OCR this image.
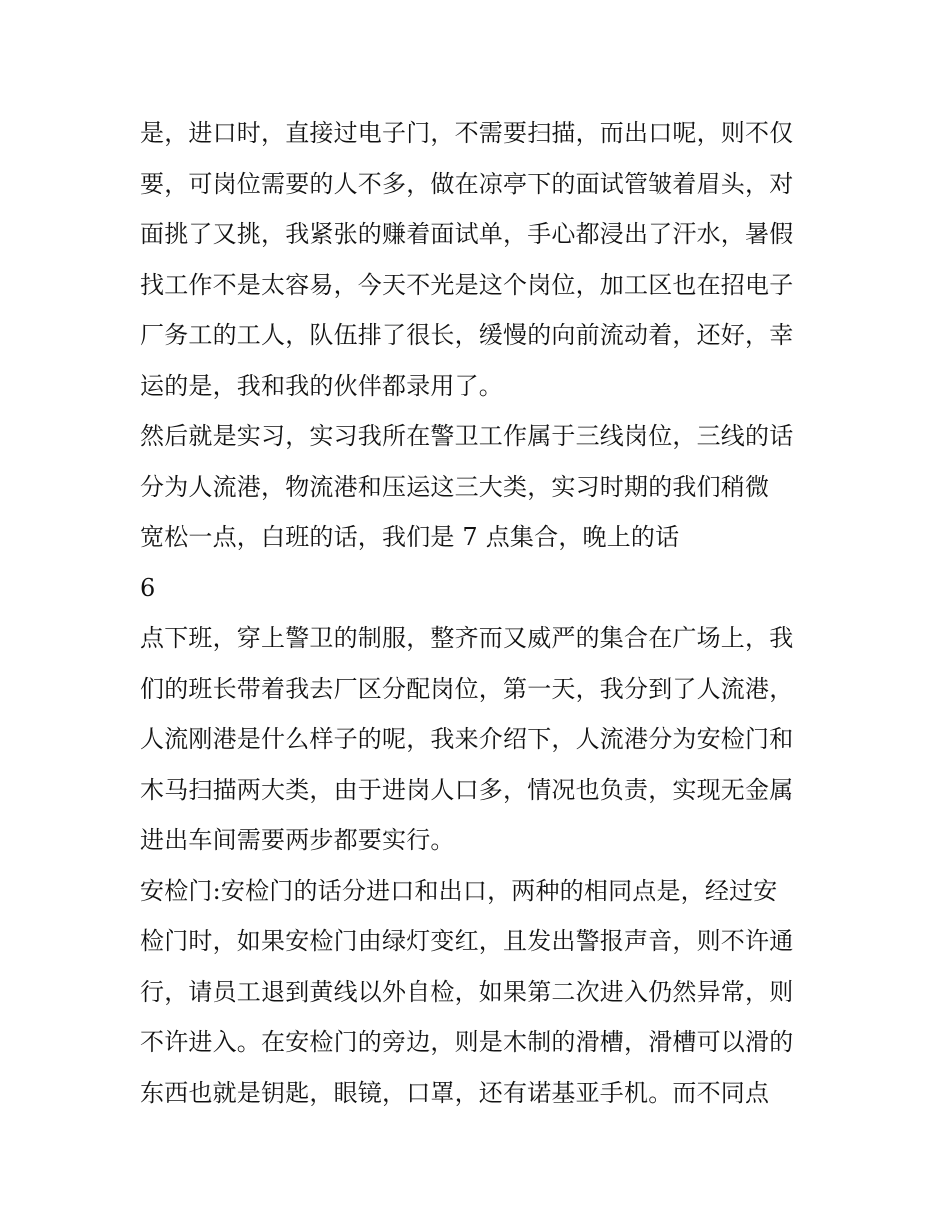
是，进口时，直接过电子门，不需要扫描，而出口呢，则不仅
要，可岗位需要的人不多，做在凉亭下的面试管皱着眉头，对
面挑了又挑，我紧张的赚着面试单，手心都浸出了汗水，暑假
找工作不是太容易，今天不光是这个岗位，加工区也在招电子
厂务工的工人，队伍排了很长，缓慢的向前流动着，还好，幸
运的是，我和我的伙伴都录用了。
然后就是实习，实习我所在警卫工作属于三线岗位，三线的话
分为人流港，物流港和压运这三大类，实习时期的我们稍微
宽松一点，白班的话，我们是 7 点集合，晚上的话
6
点下班，穿上警卫的制服，整齐而又威严的集合在广场上，我
们的班长带着我去厂区分配岗位，第一天，我分到了人流港，
人流刚港是什么样子的呢，我来介绍下，人流港分为安检门和
木马扫描两大类，由于进岗人口多，情况也负责，实现无金属
进出车间需要两步都要实行。
安检门:安检门的话分进口和出口，两种的相同点是，经过安
检门时，如果安检门由绿灯变红，且发出警报声音，则不许通
行，请员工退到黄线以外自检，如果第二次进入仍然异常，则
不许进入。在安检门的旁边，则是木制的滑槽，滑槽可以滑的
东西也就是钥匙，眼镜，口罩，还有诺基亚手机。而不同点
